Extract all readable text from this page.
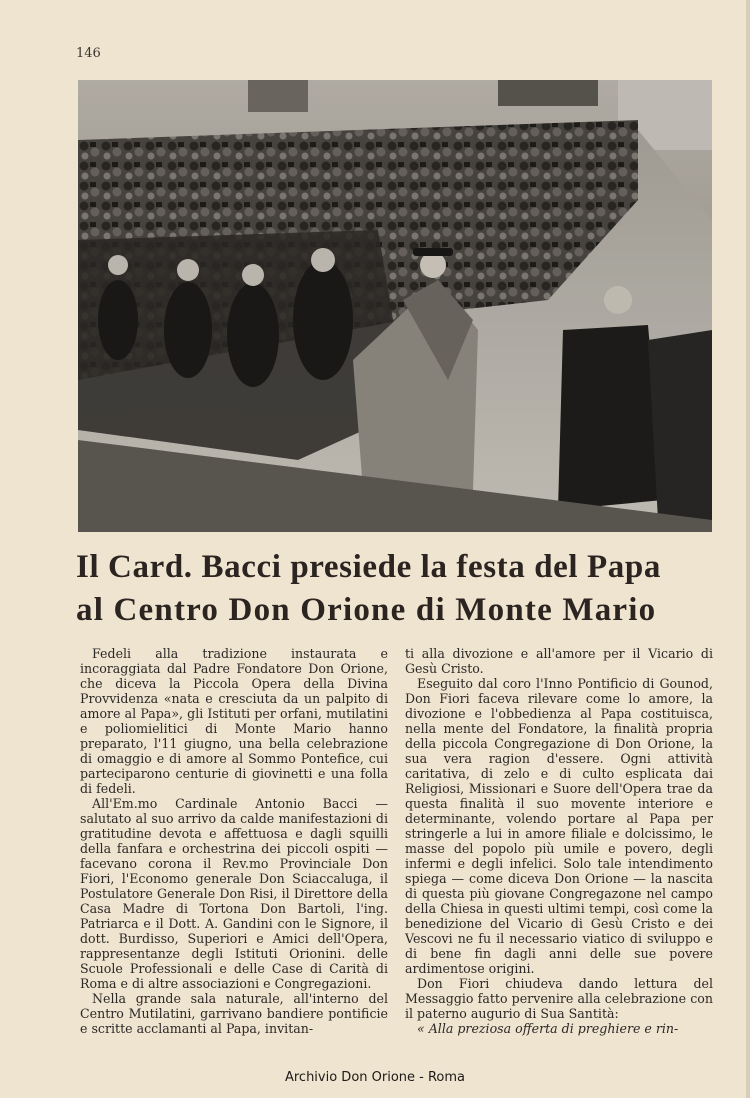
146
Il Card. Bacci presiede la festa del Papa
al Centro Don Orione di Monte Mario

Fedeli alla tradizione instaurata e incoraggiata dal Padre Fondatore Don Orione, che diceva la Piccola Opera della Divina Provvidenza «nata e cresciuta da un palpito di amore al Papa», gli Istituti per orfani, mutilatini e poliomielitici di Monte Mario hanno preparato, l'11 giugno, una bella celebrazione di omaggio e di amore al Sommo Pontefice, cui parteciparono centurie di giovinetti e una folla di fedeli.

All'Em.mo Cardinale Antonio Bacci — salutato al suo arrivo da calde manifestazioni di gratitudine devota e affettuosa e dagli squilli della fanfara e orchestrina dei piccoli ospiti — facevano corona il Rev.mo Provinciale Don Fiori, l'Economo generale Don Sciaccaluga, il Postulatore Generale Don Risi, il Direttore della Casa Madre di Tortona Don Bartoli, l'ing. Patriarca e il Dott. A. Gandini con le Signore, il dott. Burdisso, Superiori e Amici dell'Opera, rappresentanze degli Istituti Orionini. delle Scuole Professionali e delle Case di Carità di Roma e di altre associazioni e Congregazioni.

Nella grande sala naturale, all'interno del Centro Mutilatini, garrivano bandiere pontificie e scritte acclamanti al Papa, invitan-

ti alla divozione e all'amore per il Vicario di Gesù Cristo.

Eseguito dal coro l'Inno Pontificio di Gounod, Don Fiori faceva rilevare come lo amore, la divozione e l'obbedienza al Papa costituisca, nella mente del Fondatore, la finalità propria della piccola Congregazione di Don Orione, la sua vera ragion d'essere. Ogni attività caritativa, di zelo e di culto esplicata dai Religiosi, Missionari e Suore dell'Opera trae da questa finalità il suo movente interiore e determinante, volendo portare al Papa per stringerle a lui in amore filiale e dolcissimo, le masse del popolo più umile e povero, degli infermi e degli infelici. Solo tale intendimento spiega — come diceva Don Orione — la nascita di questa più giovane Congregazone nel campo della Chiesa in questi ultimi tempi, così come la benedizione del Vicario di Gesù Cristo e dei Vescovi ne fu il necessario viatico di sviluppo e di bene fin dagli anni delle sue povere ardimentose origini.

Don Fiori chiudeva dando lettura del Messaggio fatto pervenire alla celebrazione con il paterno augurio di Sua Santità:

« Alla preziosa offerta di preghiere e rin-

Archivio Don Orione - Roma
